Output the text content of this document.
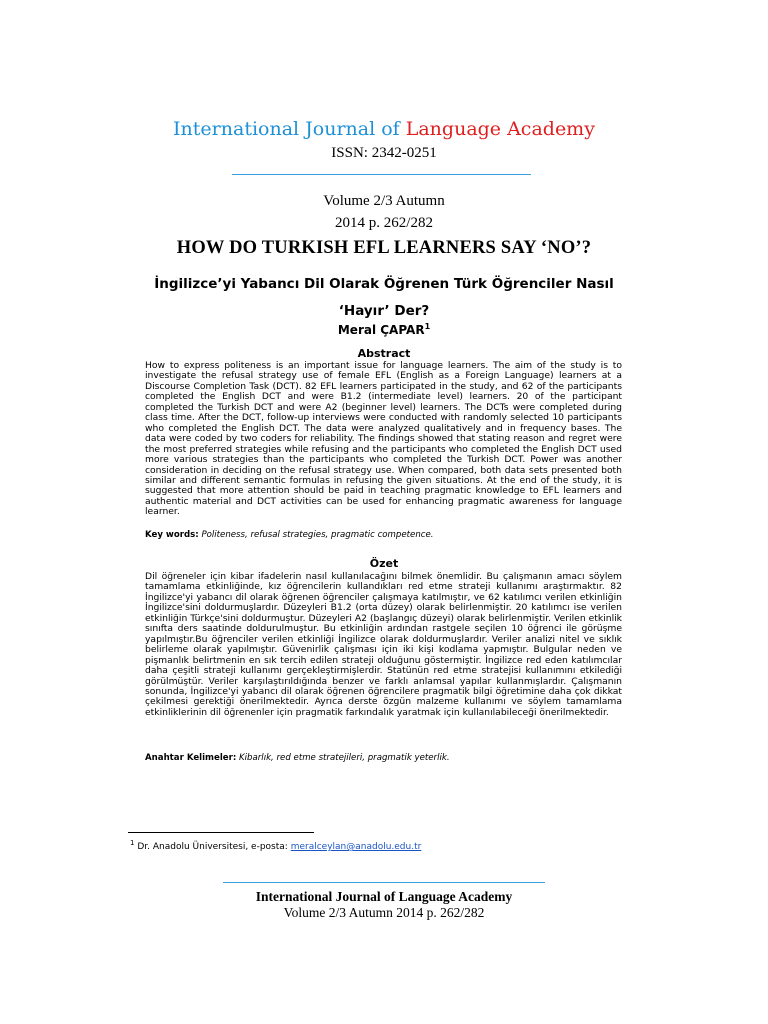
International Journal of Language Academy
ISSN: 2342-0251
Volume 2/3 Autumn
2014 p. 262/282
HOW DO TURKISH EFL LEARNERS SAY ‘NO’?
İngilizce’yi Yabancı Dil Olarak Öğrenen Türk Öğrenciler Nasıl
‘Hayır’ Der?
Meral ÇAPAR$^1$
Abstract
How to express politeness is an important issue for language learners. The aim of the study is to investigate the refusal strategy use of female EFL (English as a Foreign Language) learners at a Discourse Completion Task (DCT). 82 EFL learners participated in the study, and 62 of the participants completed the English DCT and were B1.2 (intermediate level) learners. 20 of the participant completed the Turkish DCT and were A2 (beginner level) learners. The DCTs were completed during class time. After the DCT, follow-up interviews were conducted with randomly selected 10 participants who completed the English DCT. The data were analyzed qualitatively and in frequency bases. The data were coded by two coders for reliability. The findings showed that stating reason and regret were the most preferred strategies while refusing and the participants who completed the English DCT used more various strategies than the participants who completed the Turkish DCT. Power was another consideration in deciding on the refusal strategy use. When compared, both data sets presented both similar and different semantic formulas in refusing the given situations. At the end of the study, it is suggested that more attention should be paid in teaching pragmatic knowledge to EFL learners and authentic material and DCT activities can be used for enhancing pragmatic awareness for language learner.
Key words: Politeness, refusal strategies, pragmatic competence.
Özet
Dil öğreneler için kibar ifadelerin nasıl kullanılacağını bilmek önemlidir. Bu çalışmanın amacı söylem tamamlama etkinliğinde, kız öğrencilerin kullandıkları red etme strateji kullanımı araştırmaktır. 82 İngilizce'yi yabancı dil olarak öğrenen öğrenciler çalışmaya katılmıştır, ve 62 katılımcı verilen etkinliğin İngilizce'sini doldurmuşlardır. Düzeyleri B1.2 (orta düzey) olarak belirlenmiştir. 20 katılımcı ise verilen etkinliğin Türkçe'sini doldurmuştur. Düzeyleri A2 (başlangıç düzeyi) olarak belirlenmiştir. Verilen etkinlik sınıfta ders saatinde doldurulmuştur. Bu etkinliğin ardından rastgele seçilen 10 öğrenci ile görüşme yapılmıştır.Bu öğrenciler verilen etkinliği İngilizce olarak doldurmuşlardır. Veriler analizi nitel ve sıklık belirleme olarak yapılmıştır. Güvenirlik çalışması için iki kişi kodlama yapmıştır. Bulgular neden ve pişmanlık belirtmenin en sık tercih edilen strateji olduğunu göstermiştir. İngilizce red eden katılımcılar daha çeşitli strateji kullanımı gerçekleştirmişlerdir. Statünün red etme stratejisi kullanımını etkilediği görülmüştür. Veriler karşılaştırıldığında benzer ve farklı anlamsal yapılar kullanmışlardır. Çalışmanın sonunda, İngilizce'yi yabancı dil olarak öğrenen öğrencilere pragmatik bilgi öğretimine daha çok dikkat çekilmesi gerektiği önerilmektedir. Ayrıca derste özgün malzeme kullanımı ve söylem tamamlama etkinliklerinin dil öğrenenler için pragmatik farkındalık yaratmak için kullanılabileceği önerilmektedir.
Anahtar Kelimeler: Kibarlık, red etme stratejileri, pragmatik yeterlik.
$^1$ Dr. Anadolu Üniversitesi, e-posta: meralceylan@anadolu.edu.tr
International Journal of Language Academy
Volume 2/3 Autumn 2014 p. 262/282
